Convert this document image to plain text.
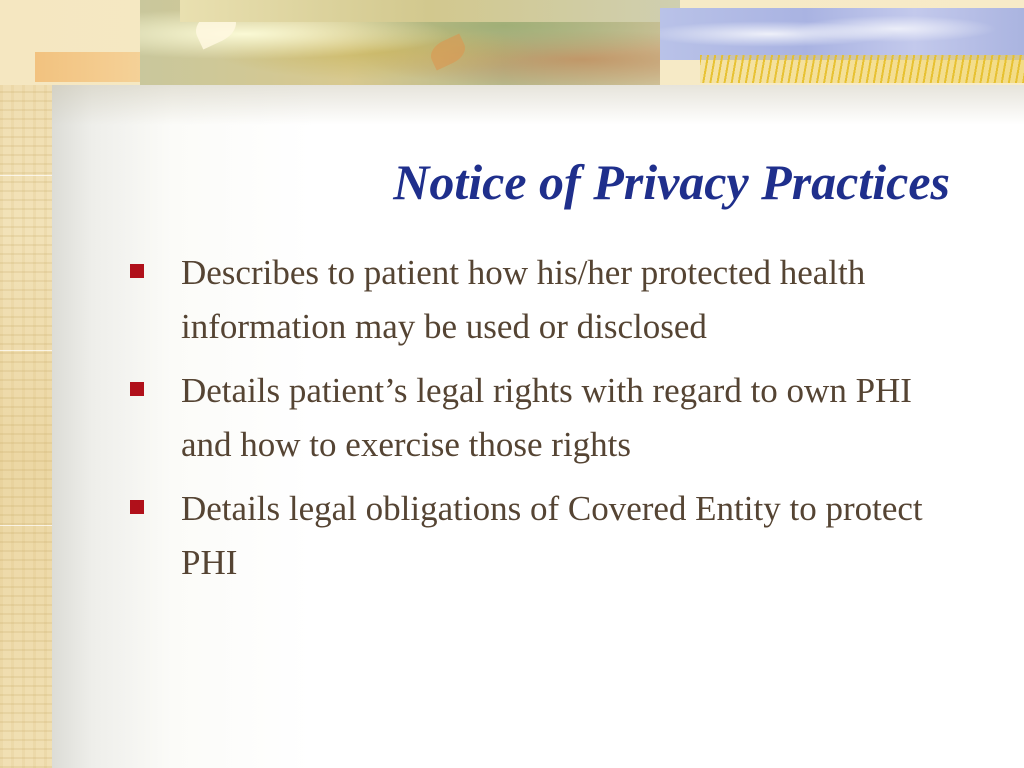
Notice of Privacy Practices
Describes to patient how his/her protected health information may be used or disclosed
Details patient’s legal rights with regard to own PHI and how to exercise those rights
Details legal obligations of Covered Entity to protect PHI
